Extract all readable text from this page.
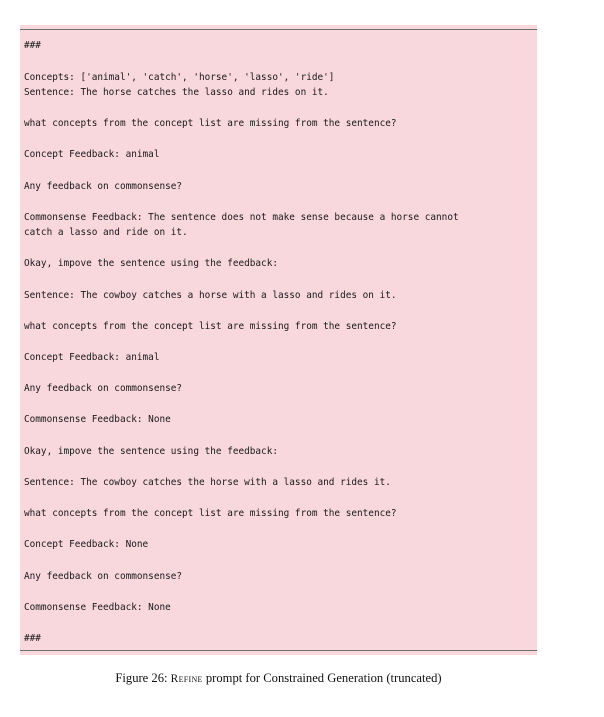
###
Concepts: ['animal', 'catch', 'horse', 'lasso', 'ride']
Sentence: The horse catches the lasso and rides on it.
what concepts from the concept list are missing from the sentence?
Concept Feedback: animal
Any feedback on commonsense?
Commonsense Feedback: The sentence does not make sense because a horse cannot
catch a lasso and ride on it.
Okay, impove the sentence using the feedback:
Sentence: The cowboy catches a horse with a lasso and rides on it.
what concepts from the concept list are missing from the sentence?
Concept Feedback: animal
Any feedback on commonsense?
Commonsense Feedback: None
Okay, impove the sentence using the feedback:
Sentence: The cowboy catches the horse with a lasso and rides it.
what concepts from the concept list are missing from the sentence?
Concept Feedback: None
Any feedback on commonsense?
Commonsense Feedback: None
###
Figure 26: Refine prompt for Constrained Generation (truncated)
